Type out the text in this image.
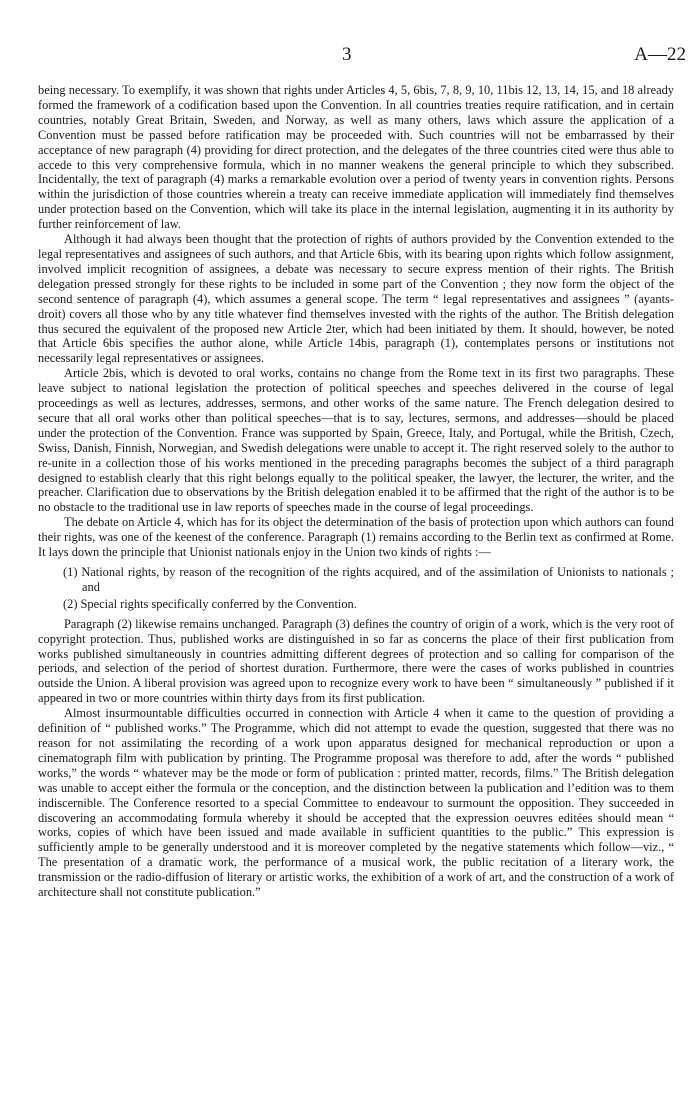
3	A—22

being necessary. To exemplify, it was shown that rights under Articles 4, 5, 6bis, 7, 8, 9, 10, 11bis 12, 13, 14, 15, and 18 already formed the framework of a codification based upon the Convention. In all countries treaties require ratification, and in certain countries, notably Great Britain, Sweden, and Norway, as well as many others, laws which assure the application of a Convention must be passed before ratification may be proceeded with. Such countries will not be embarrassed by their acceptance of new paragraph (4) providing for direct protection, and the delegates of the three countries cited were thus able to accede to this very comprehensive formula, which in no manner weakens the general principle to which they subscribed. Incidentally, the text of paragraph (4) marks a remarkable evolution over a period of twenty years in convention rights. Persons within the jurisdiction of those countries wherein a treaty can receive immediate application will immediately find themselves under protection based on the Convention, which will take its place in the internal legislation, augmenting it in its authority by further reinforcement of law.

Although it had always been thought that the protection of rights of authors provided by the Convention extended to the legal representatives and assignees of such authors, and that Article 6bis, with its bearing upon rights which follow assignment, involved implicit recognition of assignees, a debate was necessary to secure express mention of their rights. The British delegation pressed strongly for these rights to be included in some part of the Convention ; they now form the object of the second sentence of paragraph (4), which assumes a general scope. The term “ legal representatives and assignees ” (ayants-droit) covers all those who by any title whatever find themselves invested with the rights of the author. The British delegation thus secured the equivalent of the proposed new Article 2ter, which had been initiated by them. It should, however, be noted that Article 6bis specifies the author alone, while Article 14bis, paragraph (1), contemplates persons or institutions not necessarily legal representatives or assignees.

Article 2bis, which is devoted to oral works, contains no change from the Rome text in its first two paragraphs. These leave subject to national legislation the protection of political speeches and speeches delivered in the course of legal proceedings as well as lectures, addresses, sermons, and other works of the same nature. The French delegation desired to secure that all oral works other than political speeches—that is to say, lectures, sermons, and addresses—should be placed under the protection of the Convention. France was supported by Spain, Greece, Italy, and Portugal, while the British, Czech, Swiss, Danish, Finnish, Norwegian, and Swedish delegations were unable to accept it. The right reserved solely to the author to re-unite in a collection those of his works mentioned in the preceding paragraphs becomes the subject of a third paragraph designed to establish clearly that this right belongs equally to the political speaker, the lawyer, the lecturer, the writer, and the preacher. Clarification due to observations by the British delegation enabled it to be affirmed that the right of the author is to be no obstacle to the traditional use in law reports of speeches made in the course of legal proceedings.

The debate on Article 4, which has for its object the determination of the basis of protection upon which authors can found their rights, was one of the keenest of the conference. Paragraph (1) remains according to the Berlin text as confirmed at Rome. It lays down the principle that Unionist nationals enjoy in the Union two kinds of rights :—

(1) National rights, by reason of the recognition of the rights acquired, and of the assimilation of Unionists to nationals ; and
(2) Special rights specifically conferred by the Convention.

Paragraph (2) likewise remains unchanged. Paragraph (3) defines the country of origin of a work, which is the very root of copyright protection. Thus, published works are distinguished in so far as concerns the place of their first publication from works published simultaneously in countries admitting different degrees of protection and so calling for comparison of the periods, and selection of the period of shortest duration. Furthermore, there were the cases of works published in countries outside the Union. A liberal provision was agreed upon to recognize every work to have been “ simultaneously ” published if it appeared in two or more countries within thirty days from its first publication.

Almost insurmountable difficulties occurred in connection with Article 4 when it came to the question of providing a definition of “ published works.” The Programme, which did not attempt to evade the question, suggested that there was no reason for not assimilating the recording of a work upon apparatus designed for mechanical reproduction or upon a cinematograph film with publication by printing. The Programme proposal was therefore to add, after the words “ published works,” the words “ whatever may be the mode or form of publication : printed matter, records, films.” The British delegation was unable to accept either the formula or the conception, and the distinction between la publication and l’edition was to them indiscernible. The Conference resorted to a special Committee to endeavour to surmount the opposition. They succeeded in discovering an accommodating formula whereby it should be accepted that the expression oeuvres editées should mean “ works, copies of which have been issued and made available in sufficient quantities to the public.” This expression is sufficiently ample to be generally understood and it is moreover completed by the negative statements which follow—viz., “ The presentation of a dramatic work, the performance of a musical work, the public recitation of a literary work, the transmission or the radio-diffusion of literary or artistic works, the exhibition of a work of art, and the construction of a work of architecture shall not constitute publication.”
